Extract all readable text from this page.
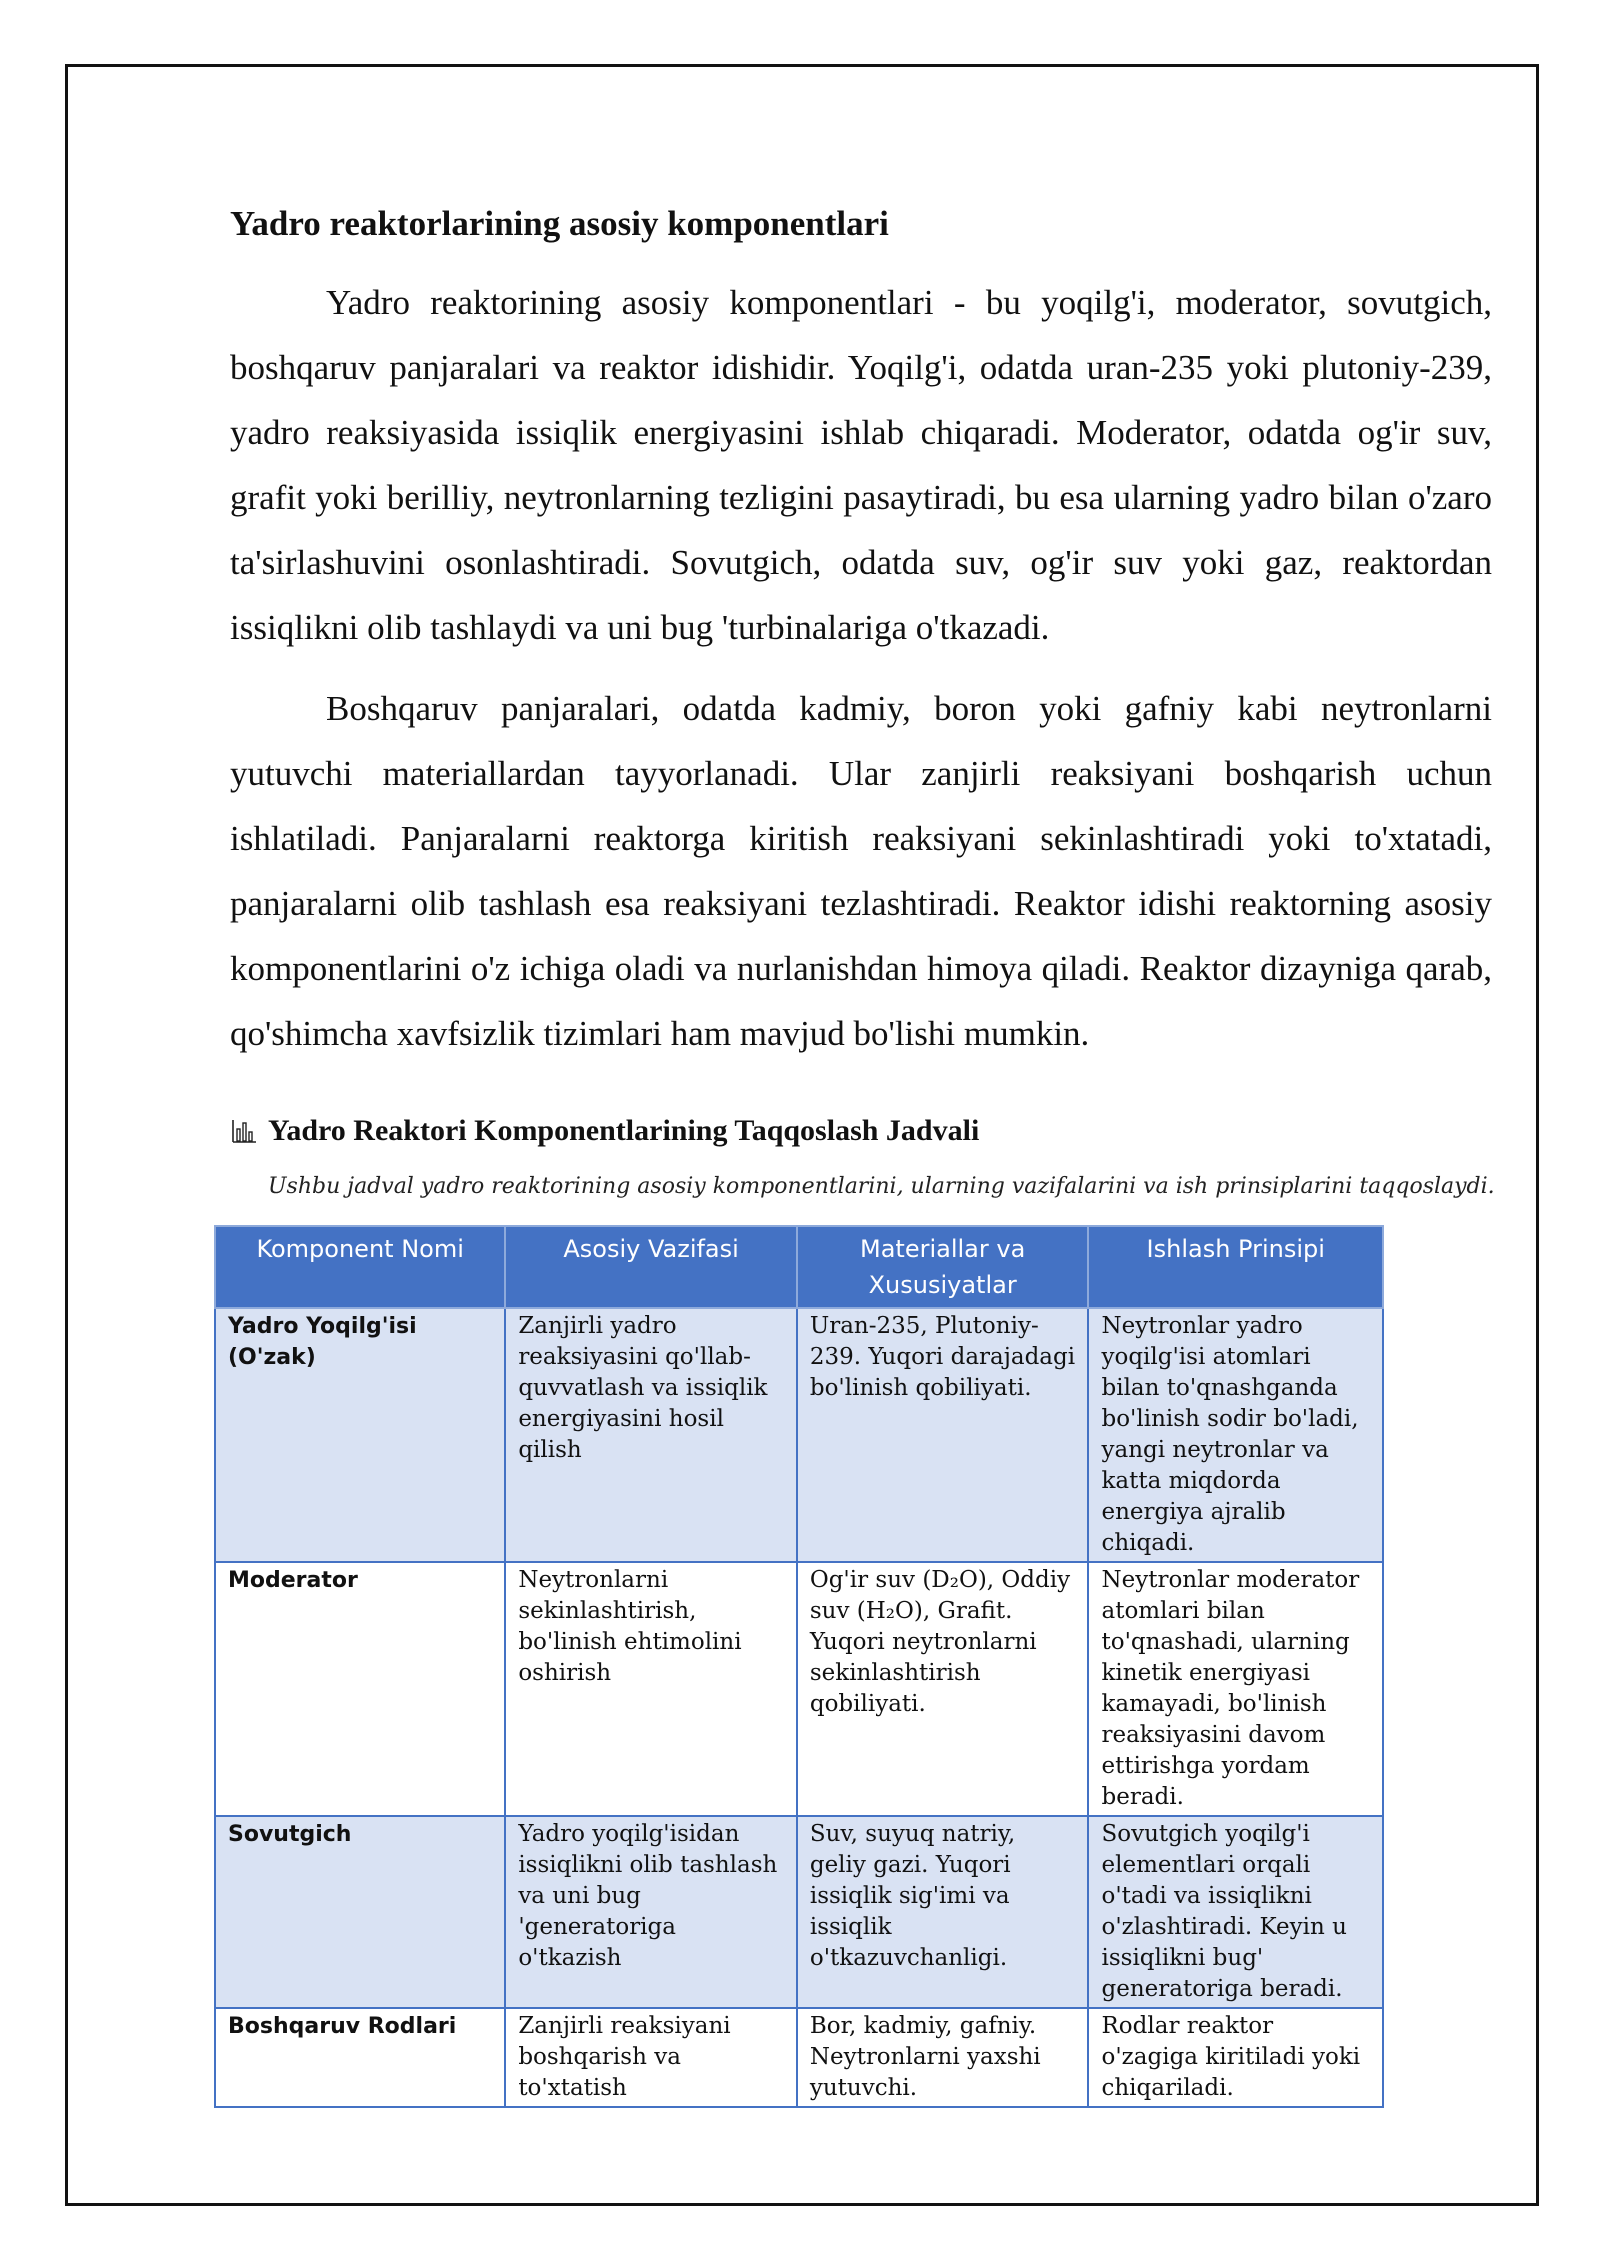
Yadro reaktorlarining asosiy komponentlari

Yadro reaktorining asosiy komponentlari - bu yoqilg'i, moderator, sovutgich, boshqaruv panjaralari va reaktor idishidir. Yoqilg'i, odatda uran-235 yoki plutoniy-239, yadro reaksiyasida issiqlik energiyasini ishlab chiqaradi. Moderator, odatda og'ir suv, grafit yoki berilliy, neytronlarning tezligini pasaytiradi, bu esa ularning yadro bilan o'zaro ta'sirlashuvini osonlashtiradi. Sovutgich, odatda suv, og'ir suv yoki gaz, reaktordan issiqlikni olib tashlaydi va uni bug 'turbinalariga o'tkazadi.

Boshqaruv panjaralari, odatda kadmiy, boron yoki gafniy kabi neytronlarni yutuvchi materiallardan tayyorlanadi. Ular zanjirli reaksiyani boshqarish uchun ishlatiladi. Panjaralarni reaktorga kiritish reaksiyani sekinlashtiradi yoki to'xtatadi, panjaralarni olib tashlash esa reaksiyani tezlashtiradi. Reaktor idishi reaktorning asosiy komponentlarini o'z ichiga oladi va nurlanishdan himoya qiladi. Reaktor dizayniga qarab, qo'shimcha xavfsizlik tizimlari ham mavjud bo'lishi mumkin.

Yadro Reaktori Komponentlarining Taqqoslash Jadvali
Ushbu jadval yadro reaktorining asosiy komponentlarini, ularning vazifalarini va ish prinsiplarini taqqoslaydi.
Komponent Nomi	Asosiy Vazifasi	Materiallar va Xususiyatlar	Ishlash Prinsipi
Yadro Yoqilg'isi (O'zak)	Zanjirli yadro reaksiyasini qo'llab-quvvatlash va issiqlik energiyasini hosil qilish	Uran-235, Plutoniy-239. Yuqori darajadagi bo'linish qobiliyati.	Neytronlar yadro yoqilg'isi atomlari bilan to'qnashganda bo'linish sodir bo'ladi, yangi neytronlar va katta miqdorda energiya ajralib chiqadi.
Moderator	Neytronlarni sekinlashtirish, bo'linish ehtimolini oshirish	Og'ir suv (D₂O), Oddiy suv (H₂O), Grafit. Yuqori neytronlarni sekinlashtirish qobiliyati.	Neytronlar moderator atomlari bilan to'qnashadi, ularning kinetik energiyasi kamayadi, bo'linish reaksiyasini davom ettirishga yordam beradi.
Sovutgich	Yadro yoqilg'isidan issiqlikni olib tashlash va uni bug 'generatoriga o'tkazish	Suv, suyuq natriy, geliy gazi. Yuqori issiqlik sig'imi va issiqlik o'tkazuvchanligi.	Sovutgich yoqilg'i elementlari orqali o'tadi va issiqlikni o'zlashtiradi. Keyin u issiqlikni bug' generatoriga beradi.
Boshqaruv Rodlari	Zanjirli reaksiyani boshqarish va to'xtatish	Bor, kadmiy, gafniy. Neytronlarni yaxshi yutuvchi.	Rodlar reaktor o'zagiga kiritiladi yoki chiqariladi.
